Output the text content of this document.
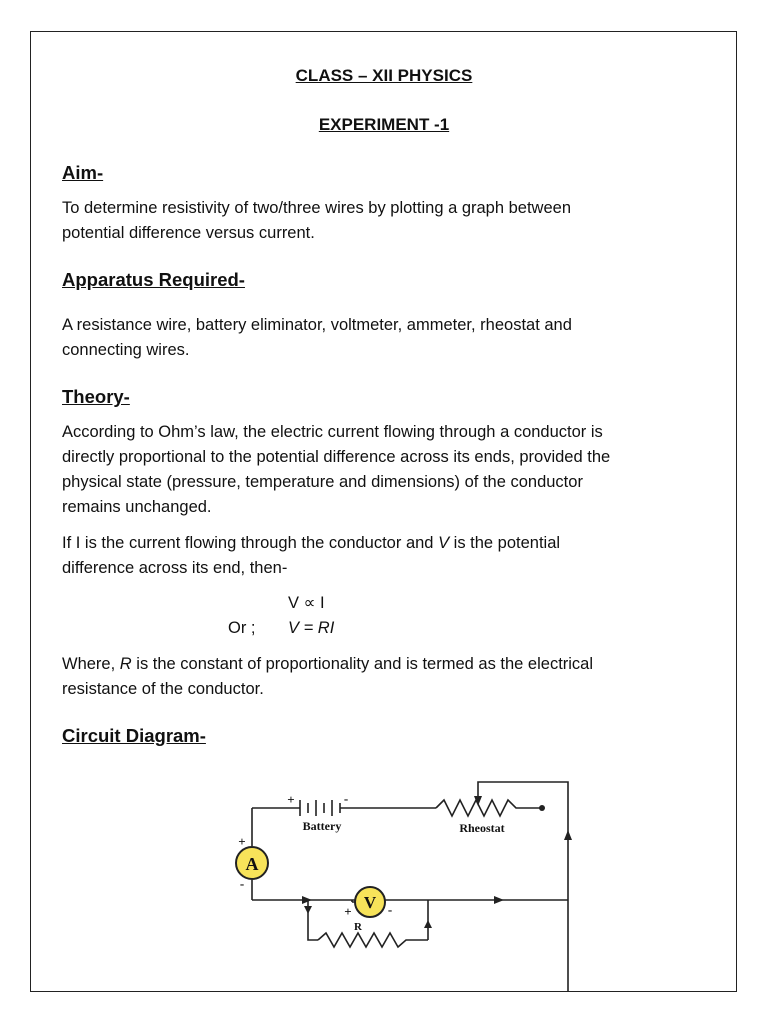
CLASS – XII PHYSICS
EXPERIMENT -1
Aim-
To determine resistivity of two/three wires by plotting a graph between
potential difference versus current.
Apparatus Required-
A resistance wire, battery eliminator, voltmeter, ammeter, rheostat and
connecting wires.
Theory-
According to Ohm’s law, the electric current flowing through a conductor is
directly proportional to the potential difference across its ends, provided the
physical state (pressure, temperature and dimensions) of the conductor
remains unchanged.
If I is the current flowing through the conductor and V is the potential
difference across its end, then-
V ∝ I
Or ; V = RI
Where, R is the constant of proportionality and is termed as the electrical
resistance of the conductor.
Circuit Diagram-
A
V
Battery	Rheostat
R
+	-
+
-
+	-
